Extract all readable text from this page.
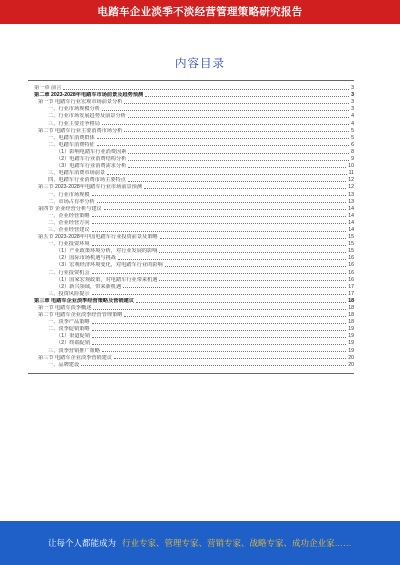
电踏车企业淡季不淡经营管理策略研究报告
内容目录
第一章 前言	3
第二章 2023-2028年电踏车市场前景及趋势预测	3
第一节 电踏车行业宏观市场前景分析	3
一、行业市场规模分析	3
二、行业市场发展趋势及前景分析	4
三、行业主要竞争格局	4
第二节 电踏车行业主要消费市场分析	5
一、电踏车消费群体	5
二、电踏车消费特征	6
（1）影响电踏车行业消费因素	8
（2）电踏车行业消费结构分析	9
（3）电踏车行业消费需求分析	10
三、电踏车消费市场前景	11
四、电踏车行业消费市场主要特点	12
第三节 2023-2028年电踏车行业市场前景预测	12
一、行业市场规模	13
二、市场占有率分析	13
第四节 企业经营分析与建议	14
一、企业经营策略	14
二、企业经营方向	14
三、企业经营建议	14
第五节 2023-2028年中国电踏车行业投资前景及策略	15
一、行业投资环境	15
（1）产业政策环境分析，对行业发展的影响	15
（2）国际市场机遇与挑战	16
（3）宏观经济环境变化，对电踏车行业的影响	16
二、行业投资机会	16
（1）国家宏观政策，对电踏车行业带来机遇	16
（2）新兴领域，带来新机遇	17
三、投资风险提示	17
第三章 电踏车企业淡季经营策略及营销建议	18
第一节 电踏车淡季概述	18
第二节 电踏车企业淡季经营管理策略	18
一、淡季产品策略	18
二、淡季促销策略	19
（1）渠道促销	19
（2）终端促销	19
三、淡季营销推广策略	19
第三节 电踏车企业淡季营销建议	20
一、品牌建设	20
让每个人都能成为 行业专家、管理专家、营销专家、战略专家、成功企业家……
